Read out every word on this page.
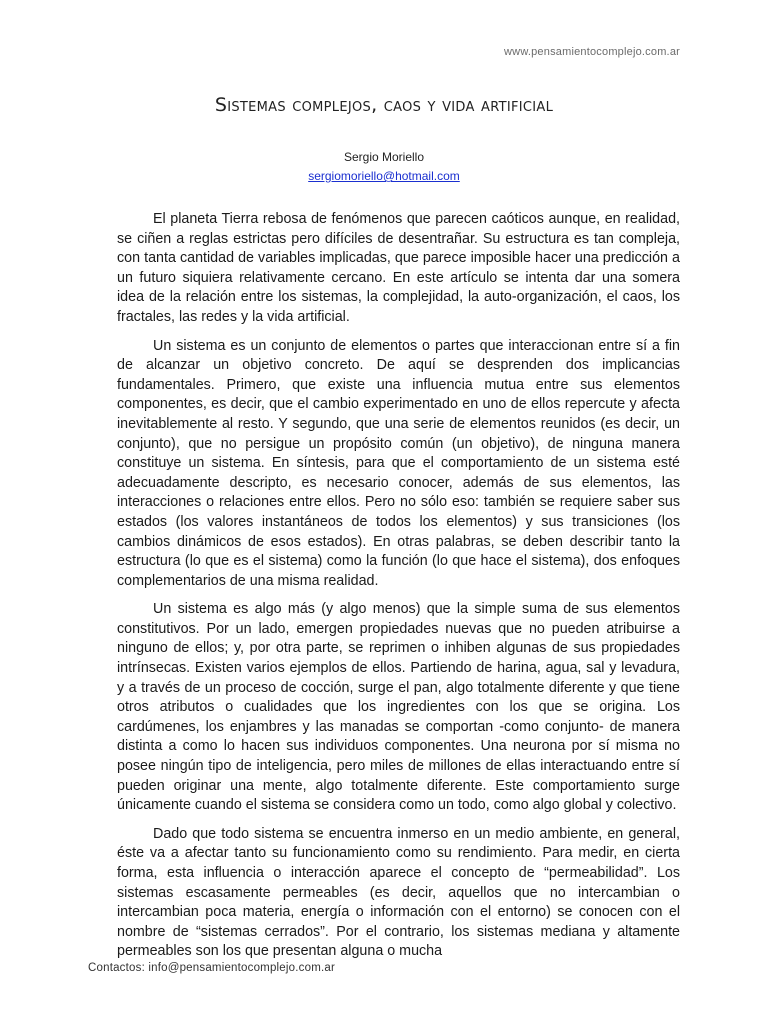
www.pensamientocomplejo.com.ar
Sistemas complejos, caos y vida artificial
Sergio Moriello
sergiomoriello@hotmail.com

El planeta Tierra rebosa de fenómenos que parecen caóticos aunque, en realidad, se ciñen a reglas estrictas pero difíciles de desentrañar. Su estructura es tan compleja, con tanta cantidad de variables implicadas, que parece imposible hacer una predicción a un futuro siquiera relativamente cercano. En este artículo se intenta dar una somera idea de la relación entre los sistemas, la complejidad, la auto-organización, el caos, los fractales, las redes y la vida artificial.

Un sistema es un conjunto de elementos o partes que interaccionan entre sí a fin de alcanzar un objetivo concreto. De aquí se desprenden dos implicancias fundamentales. Primero, que existe una influencia mutua entre sus elementos componentes, es decir, que el cambio experimentado en uno de ellos repercute y afecta inevitablemente al resto. Y segundo, que una serie de elementos reunidos (es decir, un conjunto), que no persigue un propósito común (un objetivo), de ninguna manera constituye un sistema. En síntesis, para que el comportamiento de un sistema esté adecuadamente descripto, es necesario conocer, además de sus elementos, las interacciones o relaciones entre ellos. Pero no sólo eso: también se requiere saber sus estados (los valores instantáneos de todos los elementos) y sus transiciones (los cambios dinámicos de esos estados). En otras palabras, se deben describir tanto la estructura (lo que es el sistema) como la función (lo que hace el sistema), dos enfoques complementarios de una misma realidad.

Un sistema es algo más (y algo menos) que la simple suma de sus elementos constitutivos. Por un lado, emergen propiedades nuevas que no pueden atribuirse a ninguno de ellos; y, por otra parte, se reprimen o inhiben algunas de sus propiedades intrínsecas. Existen varios ejemplos de ellos. Partiendo de harina, agua, sal y levadura, y a través de un proceso de cocción, surge el pan, algo totalmente diferente y que tiene otros atributos o cualidades que los ingredientes con los que se origina. Los cardúmenes, los enjambres y las manadas se comportan -como conjunto- de manera distinta a como lo hacen sus individuos componentes. Una neurona por sí misma no posee ningún tipo de inteligencia, pero miles de millones de ellas interactuando entre sí pueden originar una mente, algo totalmente diferente. Este comportamiento surge únicamente cuando el sistema se considera como un todo, como algo global y colectivo.

Dado que todo sistema se encuentra inmerso en un medio ambiente, en general, éste va a afectar tanto su funcionamiento como su rendimiento. Para medir, en cierta forma, esta influencia o interacción aparece el concepto de “permeabilidad”. Los sistemas escasamente permeables (es decir, aquellos que no intercambian o intercambian poca materia, energía o información con el entorno) se conocen con el nombre de “sistemas cerrados”. Por el contrario, los sistemas mediana y altamente permeables son los que presentan alguna o mucha

Contactos: info@pensamientocomplejo.com.ar
